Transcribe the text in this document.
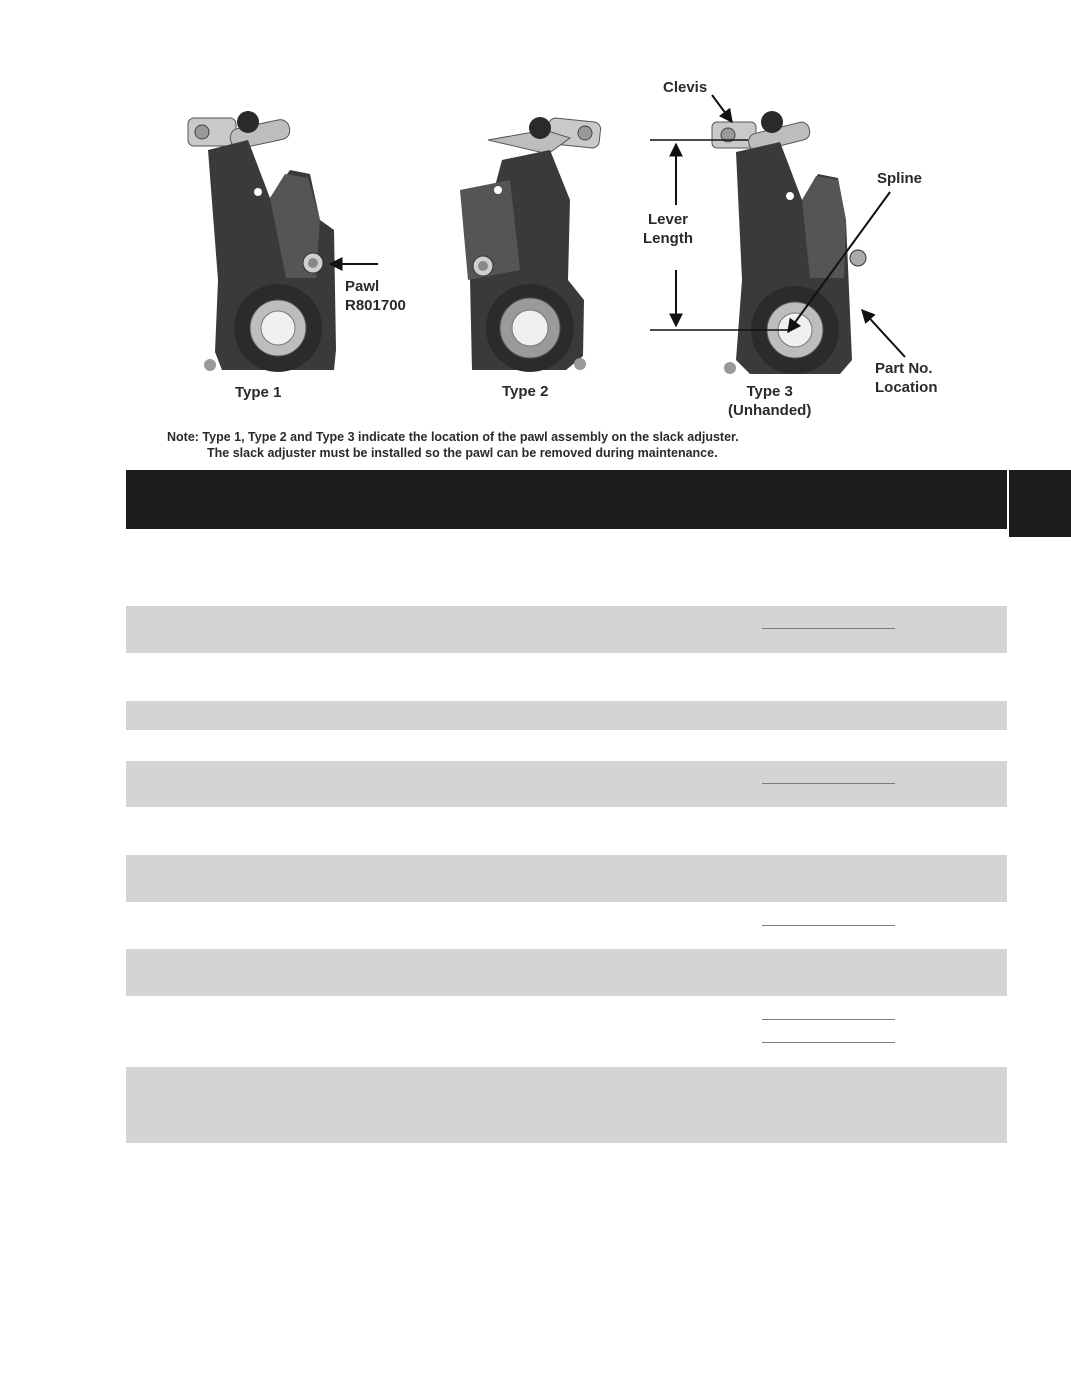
Clevis
Spline
Lever
Length
Pawl
R801700
Part No.
Location
Type 1	Type 2	Type 3
(Unhanded)
Note: Type 1, Type 2 and Type 3 indicate the location of the pawl assembly on the slack adjuster.
The slack adjuster must be installed so the pawl can be removed during maintenance.
